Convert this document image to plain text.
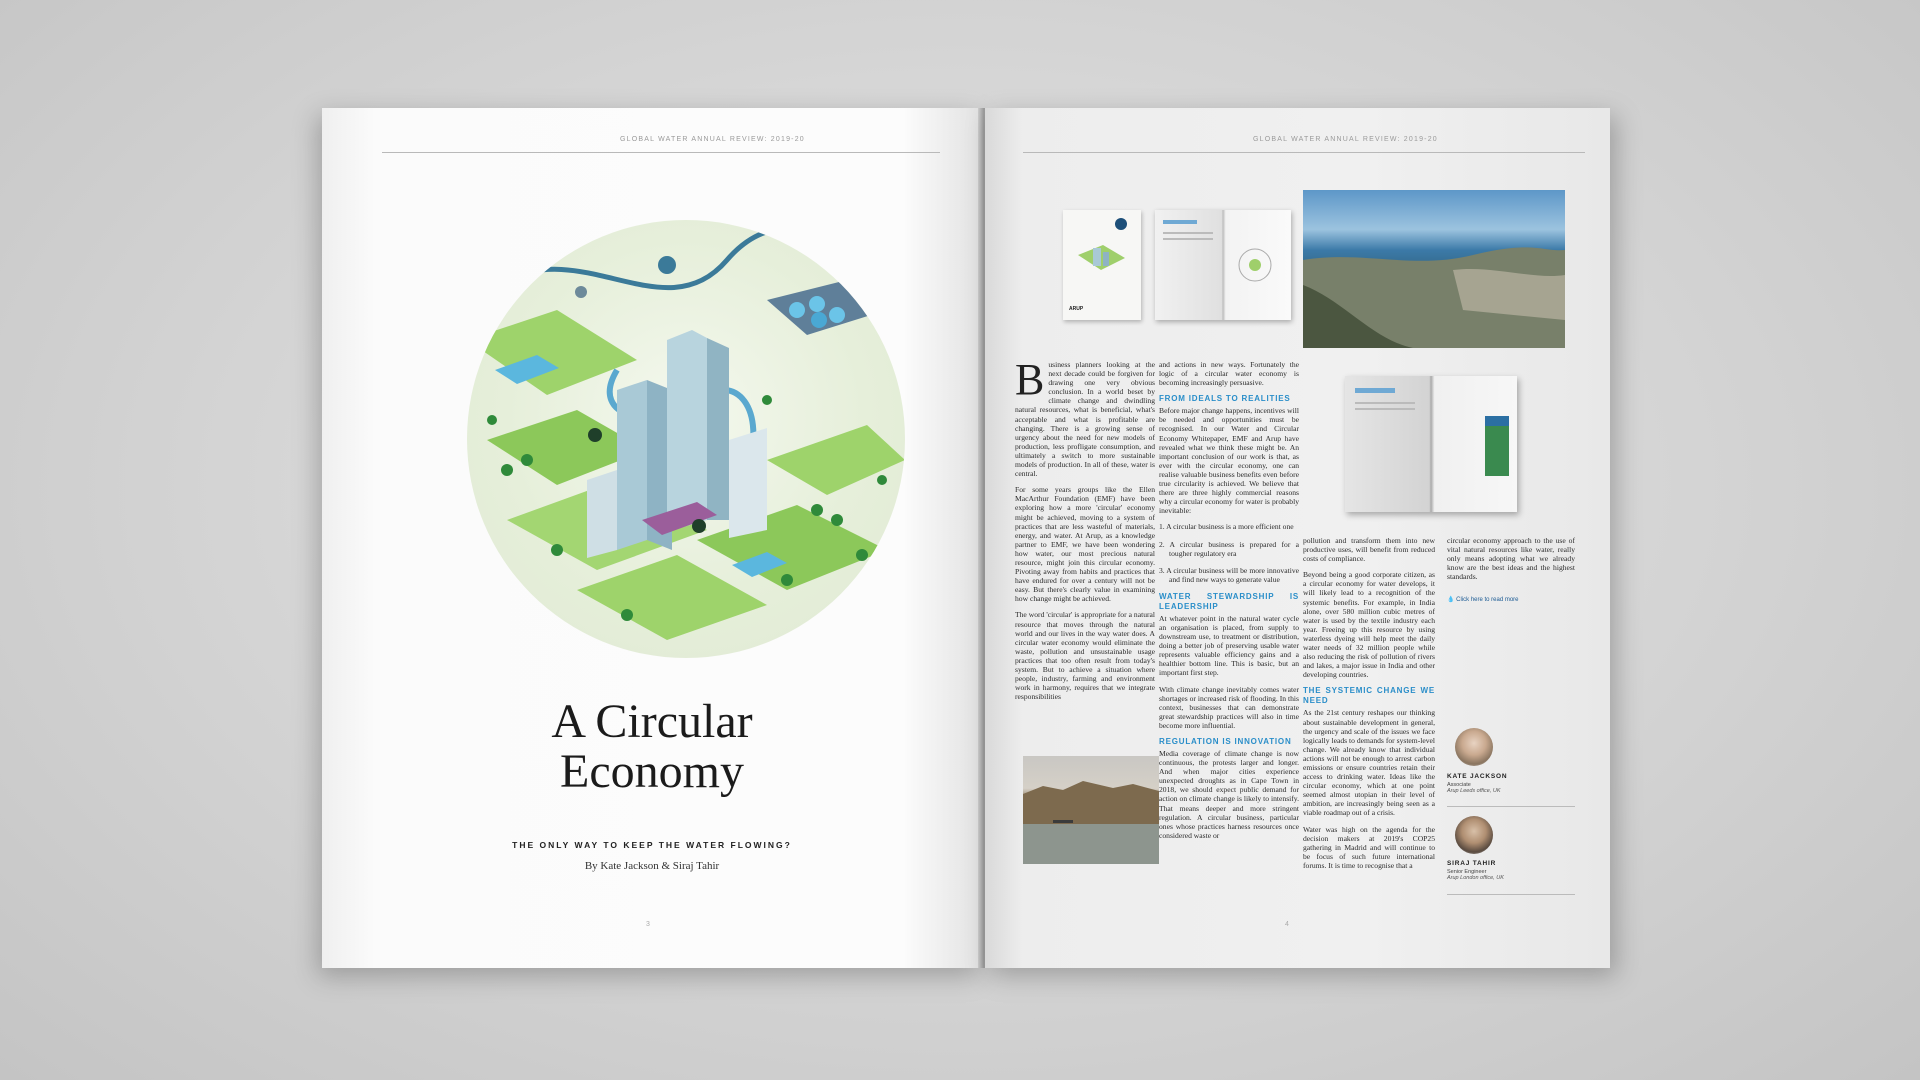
GLOBAL WATER ANNUAL REVIEW: 2019-20
A Circular
Economy
THE ONLY WAY TO KEEP THE WATER FLOWING?
By Kate Jackson & Siraj Tahir
3
GLOBAL WATER ANNUAL REVIEW: 2019-20
ARUP

Business planners looking at the next decade could be forgiven for drawing one very obvious conclusion. In a world beset by climate change and dwindling natural resources, what is beneficial, what's acceptable and what is profitable are changing. There is a growing sense of urgency about the need for new models of production, less profligate consumption, and ultimately a switch to more sustainable models of production. In all of these, water is central.

For some years groups like the Ellen MacArthur Foundation (EMF) have been exploring how a more 'circular' economy might be achieved, moving to a system of practices that are less wasteful of materials, energy, and water. At Arup, as a knowledge partner to EMF, we have been wondering how water, our most precious natural resource, might join this circular economy. Pivoting away from habits and practices that have endured for over a century will not be easy. But there's clearly value in examining how change might be achieved.

The word 'circular' is appropriate for a natural resource that moves through the natural world and our lives in the way water does. A circular water economy would eliminate the waste, pollution and unsustainable usage practices that too often result from today's system. But to achieve a situation where people, industry, farming and environment work in harmony, requires that we integrate responsibilities

and actions in new ways. Fortunately the logic of a circular water economy is becoming increasingly persuasive.

FROM IDEALS TO REALITIES

Before major change happens, incentives will be needed and opportunities must be recognised. In our Water and Circular Economy Whitepaper, EMF and Arup have revealed what we think these might be. An important conclusion of our work is that, as ever with the circular economy, one can realise valuable business benefits even before true circularity is achieved. We believe that there are three highly commercial reasons why a circular economy for water is probably inevitable:

1. A circular business is a more efficient one
2. A circular business is prepared for a tougher regulatory era
3. A circular business will be more innovative and find new ways to generate value
WATER STEWARDSHIP IS LEADERSHIP

At whatever point in the natural water cycle an organisation is placed, from supply to downstream use, to treatment or distribution, doing a better job of preserving usable water represents valuable efficiency gains and a healthier bottom line. This is basic, but an important first step.

With climate change inevitably comes water shortages or increased risk of flooding. In this context, businesses that can demonstrate great stewardship practices will also in time become more influential.

REGULATION IS INNOVATION

Media coverage of climate change is now continuous, the protests larger and longer. And when major cities experience unexpected droughts as in Cape Town in 2018, we should expect public demand for action on climate change is likely to intensify. That means deeper and more stringent regulation. A circular business, particular ones whose practices harness resources once considered waste or

pollution and transform them into new productive uses, will benefit from reduced costs of compliance.

Beyond being a good corporate citizen, as a circular economy for water develops, it will likely lead to a recognition of the systemic benefits. For example, in India alone, over 580 million cubic metres of water is used by the textile industry each year. Freeing up this resource by using waterless dyeing will help meet the daily water needs of 32 million people while also reducing the risk of pollution of rivers and lakes, a major issue in India and other developing countries.

THE SYSTEMIC CHANGE WE NEED

As the 21st century reshapes our thinking about sustainable development in general, the urgency and scale of the issues we face logically leads to demands for system-level change. We already know that individual actions will not be enough to arrest carbon emissions or ensure countries retain their access to drinking water. Ideas like the circular economy, which at one point seemed almost utopian in their level of ambition, are increasingly being seen as a viable roadmap out of a crisis.

Water was high on the agenda for the decision makers at 2019's COP25 gathering in Madrid and will continue to be focus of such future international forums. It is time to recognise that a

circular economy approach to the use of vital natural resources like water, really only means adopting what we already know are the best ideas and the highest standards.

💧 Click here to read more
KATE JACKSON
Associate
Arup Leeds office, UK
SIRAJ TAHIR
Senior Engineer
Arup London office, UK
4
